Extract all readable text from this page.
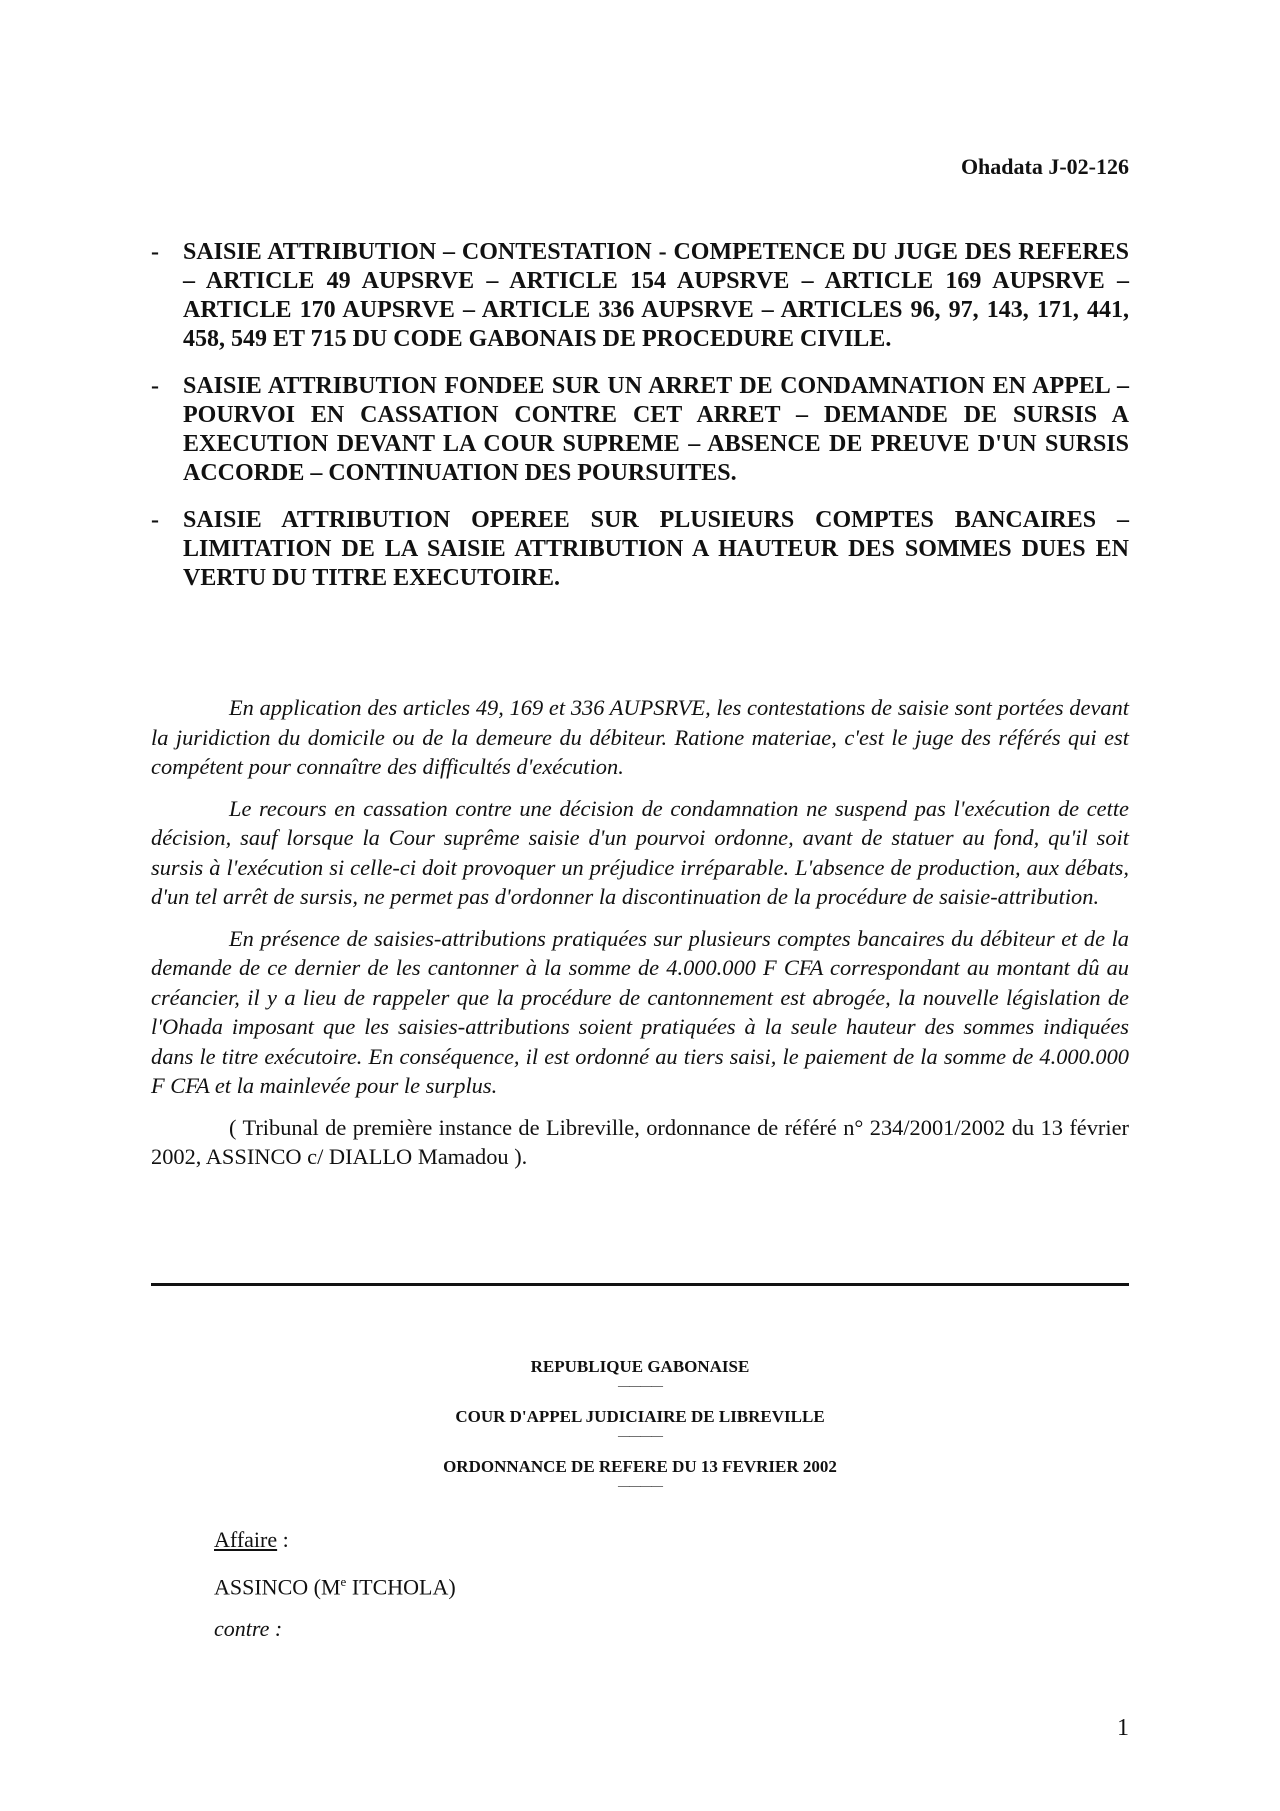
Ohadata J-02-126
-	SAISIE ATTRIBUTION – CONTESTATION - COMPETENCE DU JUGE DES REFERES – ARTICLE 49 AUPSRVE – ARTICLE 154 AUPSRVE – ARTICLE 169 AUPSRVE – ARTICLE 170 AUPSRVE – ARTICLE 336 AUPSRVE – ARTICLES 96, 97, 143, 171, 441, 458, 549 ET 715 DU CODE GABONAIS DE PROCEDURE CIVILE.
-	SAISIE ATTRIBUTION FONDEE SUR UN ARRET DE CONDAMNATION EN APPEL – POURVOI EN CASSATION CONTRE CET ARRET – DEMANDE DE SURSIS A EXECUTION DEVANT LA COUR SUPREME – ABSENCE DE PREUVE D'UN SURSIS ACCORDE – CONTINUATION DES POURSUITES.
-	SAISIE ATTRIBUTION OPEREE SUR PLUSIEURS COMPTES BANCAIRES – LIMITATION DE LA SAISIE ATTRIBUTION A HAUTEUR DES SOMMES DUES EN VERTU DU TITRE EXECUTOIRE.

En application des articles 49, 169 et 336 AUPSRVE, les contestations de saisie sont portées devant la juridiction du domicile ou de la demeure du débiteur. Ratione materiae, c'est le juge des référés qui est compétent pour connaître des difficultés d'exécution.

Le recours en cassation contre une décision de condamnation ne suspend pas l'exécution de cette décision, sauf lorsque la Cour suprême saisie d'un pourvoi ordonne, avant de statuer au fond, qu'il soit sursis à l'exécution si celle-ci doit provoquer un préjudice irréparable. L'absence de production, aux débats, d'un tel arrêt de sursis, ne permet pas d'ordonner la discontinuation de la procédure de saisie-attribution.

En présence de saisies-attributions pratiquées sur plusieurs comptes bancaires du débiteur et de la demande de ce dernier de les cantonner à la somme de 4.000.000 F CFA correspondant au montant dû au créancier, il y a lieu de rappeler que la procédure de cantonnement est abrogée, la nouvelle législation de l'Ohada imposant que les saisies-attributions soient pratiquées à la seule hauteur des sommes indiquées dans le titre exécutoire. En conséquence, il est ordonné au tiers saisi, le paiement de la somme de 4.000.000 F CFA et la mainlevée pour le surplus.

( Tribunal de première instance de Libreville, ordonnance de référé n° 234/2001/2002 du 13 février 2002, ASSINCO c/ DIALLO Mamadou ).

REPUBLIQUE GABONAISE
————
COUR D'APPEL JUDICIAIRE DE LIBREVILLE
————
ORDONNANCE DE REFERE DU 13 FEVRIER 2002
————
Affaire :
ASSINCO (Me ITCHOLA)
contre :
1
